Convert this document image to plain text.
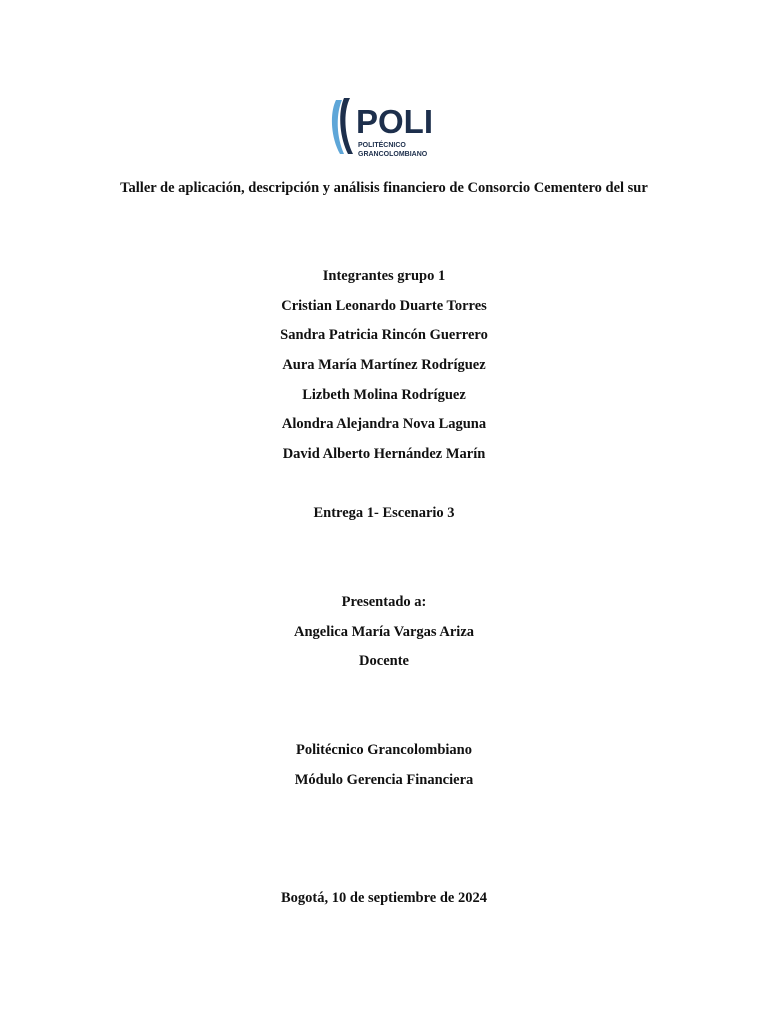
POLI
POLITÉCNICO
GRANCOLOMBIANO
Taller de aplicación, descripción y análisis financiero de Consorcio Cementero del sur
Integrantes grupo 1
Cristian Leonardo Duarte Torres
Sandra Patricia Rincón Guerrero
Aura María Martínez Rodríguez
Lizbeth Molina Rodríguez
Alondra Alejandra Nova Laguna
David Alberto Hernández Marín
Entrega 1- Escenario 3
Presentado a:
Angelica María Vargas Ariza
Docente
Politécnico Grancolombiano
Módulo Gerencia Financiera
Bogotá, 10 de septiembre de 2024
